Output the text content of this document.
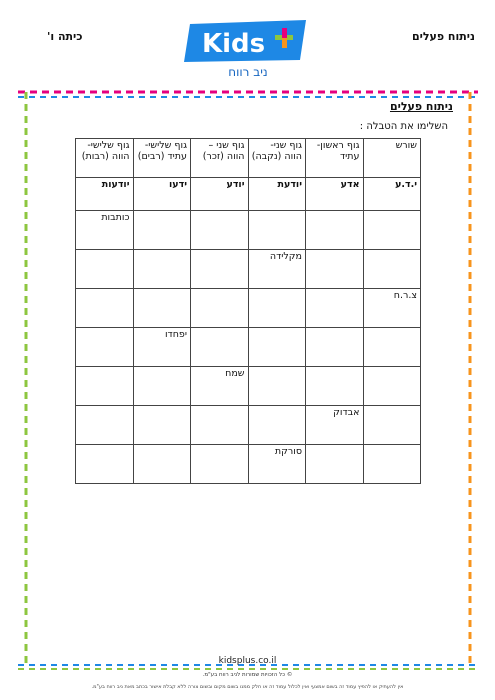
ניתוח פעלים
כיתה ו'	Kids
ניב רווח
ניתוח פעלים
השלימו את הטבלה :
שורש	גוף ראשון- עתיד	גוף שני- הווה (נקבה)	גוף שני – הווה (זכר)	גוף שלישי- עתיד (רבים)	גוף שלישי- הווה (רבות)
י.ד.ע	אדע	יודעת	יודע	ידעו	יודעות
					כותבות
		מקלידה			
צ.ר.ח					
				יפחדו	
			שמח		
	אבדוק				
		סורקת			
kidsplus.co.il
© כל הזכויות שמורות לניב רווח בע"מ.
אין להעתיק או להפיץ עמוד זה בשום אמצעי ואין לכלול עמוד זה או חלק ממנו בשום מקום ובשום צורה ללא קבלת אישור בכתב מאת ניב רווח בע"מ.
